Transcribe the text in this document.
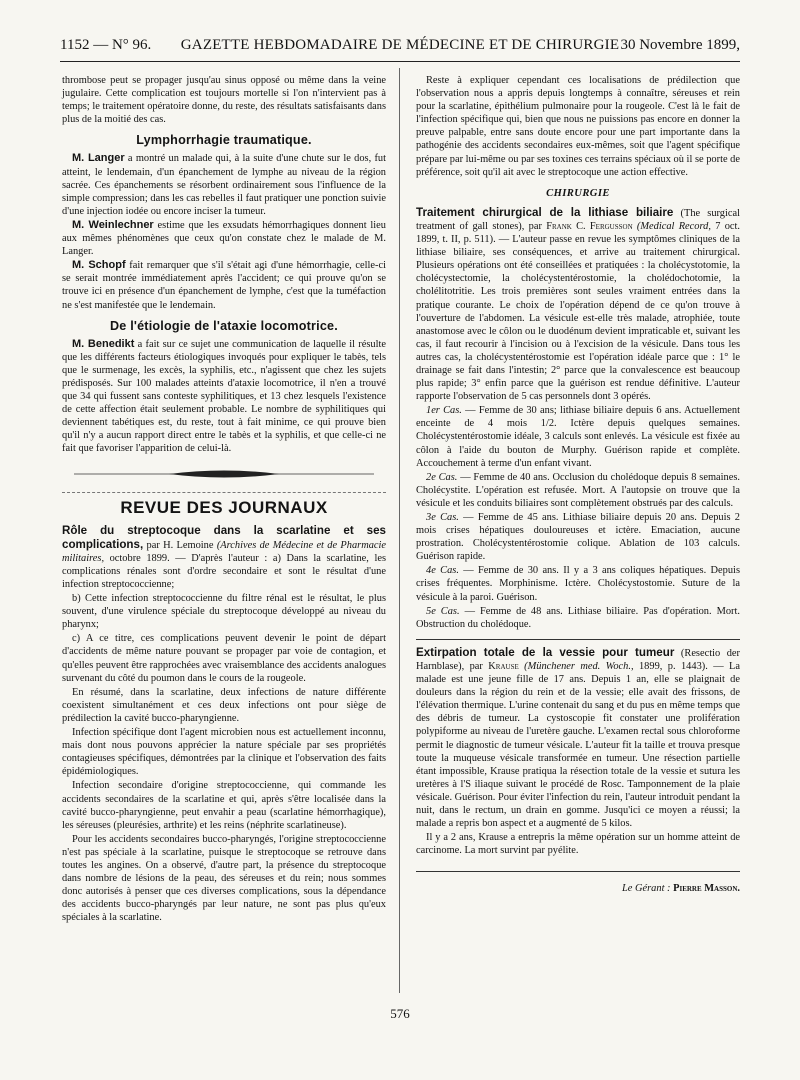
1152 — N° 96.	GAZETTE HEBDOMADAIRE DE MÉDECINE ET DE CHIRURGIE 30 Novembre 1899,

thrombose peut se propager jusqu'au sinus opposé ou même dans la veine jugulaire. Cette complication est toujours mortelle si l'on n'intervient pas à temps; le traitement opératoire donne, du reste, des résultats satisfaisants dans plus de la moitié des cas.

Lymphorrhagie traumatique.

M. Langer a montré un malade qui, à la suite d'une chute sur le dos, fut atteint, le lendemain, d'un épanchement de lymphe au niveau de la région sacrée. Ces épanchements se résorbent ordinairement sous l'influence de la simple compression; dans les cas rebelles il faut pratiquer une ponction suivie d'une injection iodée ou encore inciser la tumeur.

M. Weinlechner estime que les exsudats hémorrhagiques donnent lieu aux mêmes phénomènes que ceux qu'on constate chez le malade de M. Langer.

M. Schopf fait remarquer que s'il s'était agi d'une hémorrhagie, celle-ci se serait montrée immédiatement après l'accident; ce qui prouve qu'on se trouve ici en présence d'un épanchement de lymphe, c'est que la tuméfaction ne s'est manifestée que le lendemain.

De l'étiologie de l'ataxie locomotrice.

M. Benedikt a fait sur ce sujet une communication de laquelle il résulte que les différents facteurs étiologiques invoqués pour expliquer le tabès, tels que le surmenage, les excès, la syphilis, etc., n'agissent que chez les sujets prédisposés. Sur 100 malades atteints d'ataxie locomotrice, il n'en a trouvé que 34 qui fussent sans conteste syphilitiques, et 13 chez lesquels l'existence de cette affection était seulement probable. Le nombre de syphilitiques qui deviennent tabétiques est, du reste, tout à fait minime, ce qui prouve bien qu'il n'y a aucun rapport direct entre le tabès et la syphilis, et que celle-ci ne fait que favoriser l'apparition de celui-là.

REVUE DES JOURNAUX

Rôle du streptocoque dans la scarlatine et ses complications, par H. Lemoine (Archives de Médecine et de Pharmacie militaires, octobre 1899. — D'après l'auteur : a) Dans la scarlatine, les complications rénales sont d'ordre secondaire et sont le résultat d'une infection streptococcienne;

b) Cette infection streptococcienne du filtre rénal est le résultat, le plus souvent, d'une virulence spéciale du streptocoque développé au niveau du pharynx;

c) A ce titre, ces complications peuvent devenir le point de départ d'accidents de même nature pouvant se propager par voie de contagion, et qu'elles peuvent être rapprochées avec vraisemblance des accidents analogues survenant du côté du poumon dans le cours de la rougeole.

En résumé, dans la scarlatine, deux infections de nature différente coexistent simultanément et ces deux infections ont pour siège de prédilection la cavité bucco-pharyngienne.

Infection spécifique dont l'agent microbien nous est actuellement inconnu, mais dont nous pouvons apprécier la nature spéciale par ses propriétés contagieuses spécifiques, démontrées par la clinique et l'observation des faits épidémiologiques.

Infection secondaire d'origine streptococcienne, qui commande les accidents secondaires de la scarlatine et qui, après s'être localisée dans la cavité bucco-pharyngienne, peut envahir a peau (scarlatine hémorrhagique), les séreuses (pleurésies, arthrite) et les reins (néphrite scarlatineuse).

Pour les accidents secondaires bucco-pharyngés, l'origine streptococcienne n'est pas spéciale à la scarlatine, puisque le streptocoque se retrouve dans toutes les angines. On a observé, d'autre part, la présence du streptocoque dans nombre de lésions de la peau, des séreuses et du rein; nous sommes donc autorisés à penser que ces diverses complications, sous la dépendance des accidents bucco-pharyngés par leur nature, ne sont pas plus qu'eux spéciales à la scarlatine.

Reste à expliquer cependant ces localisations de prédilection que l'observation nous a appris depuis longtemps à connaître, séreuses et rein pour la scarlatine, épithélium pulmonaire pour la rougeole. C'est là le fait de l'infection spécifique qui, bien que nous ne puissions pas encore en donner la preuve palpable, entre sans doute encore pour une part importante dans la pathogénie des accidents secondaires eux-mêmes, soit que l'agent spécifique prépare par lui-même ou par ses toxines ces terrains spéciaux où il se porte de préférence, soit qu'il ait avec le streptocoque une action effective.

CHIRURGIE

Traitement chirurgical de la lithiase biliaire (The surgical treatment of gall stones), par Frank C. Fergusson (Medical Record, 7 oct. 1899, t. II, p. 511). — L'auteur passe en revue les symptômes cliniques de la lithiase biliaire, ses conséquences, et arrive au traitement chirurgical. Plusieurs opérations ont été conseillées et pratiquées : la cholécystotomie, la cholécystectomie, la cholécystentérostomie, la cholédochotomie, la cholélitotritie. Les trois premières sont seules vraiment entrées dans la pratique courante. Le choix de l'opération dépend de ce qu'on trouve à l'ouverture de l'abdomen. La vésicule est-elle très malade, atrophiée, toute anastomose avec le côlon ou le duodénum devient impraticable et, suivant les cas, il faut recourir à l'incision ou à l'excision de la vésicule. Dans tous les autres cas, la cholécystentérostomie est l'opération idéale parce que : 1° le drainage se fait dans l'intestin; 2° parce que la convalescence est beaucoup plus rapide; 3° enfin parce que la guérison est rendue définitive. L'auteur rapporte l'observation de 5 cas personnels dont 3 opérés.

1er Cas. — Femme de 30 ans; lithiase biliaire depuis 6 ans. Actuellement enceinte de 4 mois 1/2. Ictère depuis quelques semaines. Cholécystentérostomie idéale, 3 calculs sont enlevés. La vésicule est fixée au côlon à l'aide du bouton de Murphy. Guérison rapide et complète. Accouchement à terme d'un enfant vivant.

2e Cas. — Femme de 40 ans. Occlusion du cholédoque depuis 8 semaines. Cholécystite. L'opération est refusée. Mort. A l'autopsie on trouve que la vésicule et les conduits biliaires sont complètement obstrués par des calculs.

3e Cas. — Femme de 45 ans. Lithiase biliaire depuis 20 ans. Depuis 2 mois crises hépatiques douloureuses et ictère. Emaciation, aucune prostration. Cholécystentérostomie colique. Ablation de 103 calculs. Guérison rapide.

4e Cas. — Femme de 30 ans. Il y a 3 ans coliques hépatiques. Depuis crises fréquentes. Morphinisme. Ictère. Cholécystostomie. Suture de la vésicule à la paroi. Guérison.

5e Cas. — Femme de 48 ans. Lithiase biliaire. Pas d'opération. Mort. Obstruction du cholédoque.

Extirpation totale de la vessie pour tumeur (Resectio der Harnblase), par Krause (Münchener med. Woch., 1899, p. 1443). — La malade est une jeune fille de 17 ans. Depuis 1 an, elle se plaignait de douleurs dans la région du rein et de la vessie; elle avait des frissons, de l'élévation thermique. L'urine contenait du sang et du pus en même temps que des débris de tumeur. La cystoscopie fit constater une prolifération polypiforme au niveau de l'uretère gauche. L'examen rectal sous chloroforme permit le diagnostic de tumeur vésicale. L'auteur fit la taille et trouva presque toute la muqueuse vésicale transformée en tumeur. Une résection partielle étant impossible, Krause pratiqua la résection totale de la vessie et sutura les uretères à l'S iliaque suivant le procédé de Rosc. Tamponnement de la plaie vésicale. Guérison. Pour éviter l'infection du rein, l'auteur introduit pendant la nuit, dans le rectum, un drain en gomme. Jusqu'ici ce moyen a réussi; la malade a repris bon aspect et a augmenté de 5 kilos.

Il y a 2 ans, Krause a entrepris la même opération sur un homme atteint de carcinome. La mort survint par pyélite.

Le Gérant : Pierre Masson.
576
